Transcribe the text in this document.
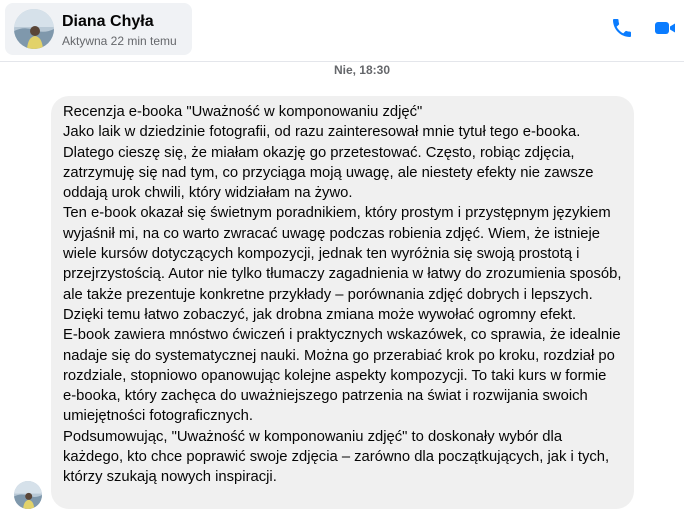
Diana Chyła
Aktywna 22 min temu
Nie, 18:30

Recenzja e-booka "Uważność w komponowaniu zdjęć"

Jako laik w dziedzinie fotografii, od razu zainteresował mnie tytuł tego e-booka. Dlatego cieszę się, że miałam okazję go przetestować. Często, robiąc zdjęcia, zatrzymuję się nad tym, co przyciąga moją uwagę, ale niestety efekty nie zawsze oddają urok chwili, który widziałam na żywo.

Ten e-book okazał się świetnym poradnikiem, który prostym i przystępnym językiem wyjaśnił mi, na co warto zwracać uwagę podczas robienia zdjęć. Wiem, że istnieje wiele kursów dotyczących kompozycji, jednak ten wyróżnia się swoją prostotą i przejrzystością. Autor nie tylko tłumaczy zagadnienia w łatwy do zrozumienia sposób, ale także prezentuje konkretne przykłady – porównania zdjęć dobrych i lepszych. Dzięki temu łatwo zobaczyć, jak drobna zmiana może wywołać ogromny efekt.

E-book zawiera mnóstwo ćwiczeń i praktycznych wskazówek, co sprawia, że idealnie nadaje się do systematycznej nauki. Można go przerabiać krok po kroku, rozdział po rozdziale, stopniowo opanowując kolejne aspekty kompozycji. To taki kurs w formie e-booka, który zachęca do uważniejszego patrzenia na świat i rozwijania swoich umiejętności fotograficznych.

Podsumowując, "Uważność w komponowaniu zdjęć" to doskonały wybór dla każdego, kto chce poprawić swoje zdjęcia – zarówno dla początkujących, jak i tych, którzy szukają nowych inspiracji.
